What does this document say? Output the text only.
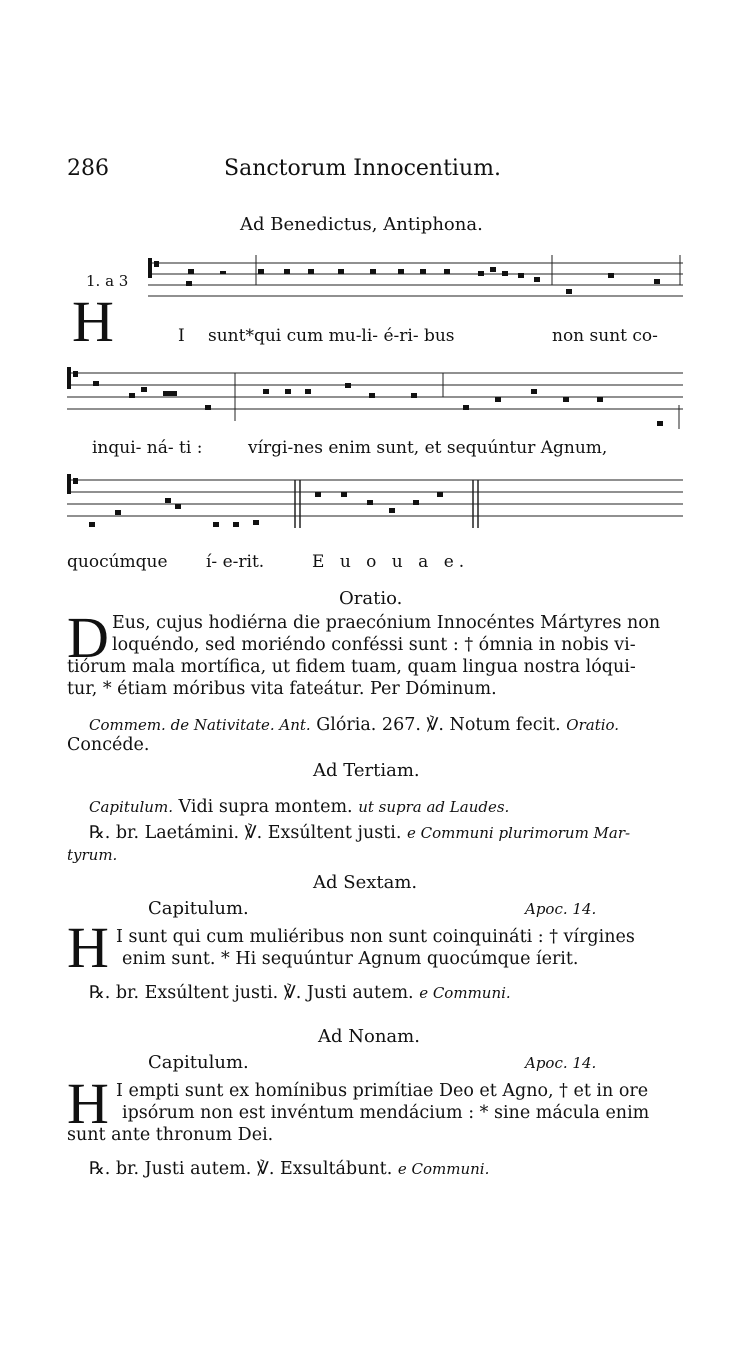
286	Sanctorum Innocentium.
Ad Benedictus, Antiphona.
1. a 3
H	I sunt*qui cum mu-li- é-ri- bus	non sunt co-
inqui- ná- ti :	vírgi-nes enim sunt, et sequúntur Agnum,
quocúmque í- e-rit.	E u o u a e.
Oratio.
D Eus, cujus hodiérna die praecónium Innocéntes Mártyres non
loquéndo, sed moriéndo conféssi sunt : † ómnia in nobis vi-
tiórum mala mortífica, ut fidem tuam, quam lingua nostra lóqui-
tur, * étiam móribus vita fateátur. Per Dóminum.
Commem. de Nativitate. Ant. Glória. 267. ℣. Notum fecit. Oratio.
Concéde.
Ad Tertiam.
Capitulum. Vidi supra montem. ut supra ad Laudes.
℞. br. Laetámini. ℣. Exsúltent justi. e Communi plurimorum Mar-
tyrum.
Ad Sextam.
Capitulum.	Apoc. 14.
H I sunt qui cum muliéribus non sunt coinquináti : † vírgines
enim sunt. * Hi sequúntur Agnum quocúmque íerit.
℞. br. Exsúltent justi. ℣. Justi autem. e Communi.
Ad Nonam.
Capitulum.	Apoc. 14.
H I empti sunt ex homínibus primítiae Deo et Agno, † et in ore
ipsórum non est invéntum mendácium : * sine mácula enim
sunt ante thronum Dei.
℞. br. Justi autem. ℣. Exsultábunt. e Communi.
